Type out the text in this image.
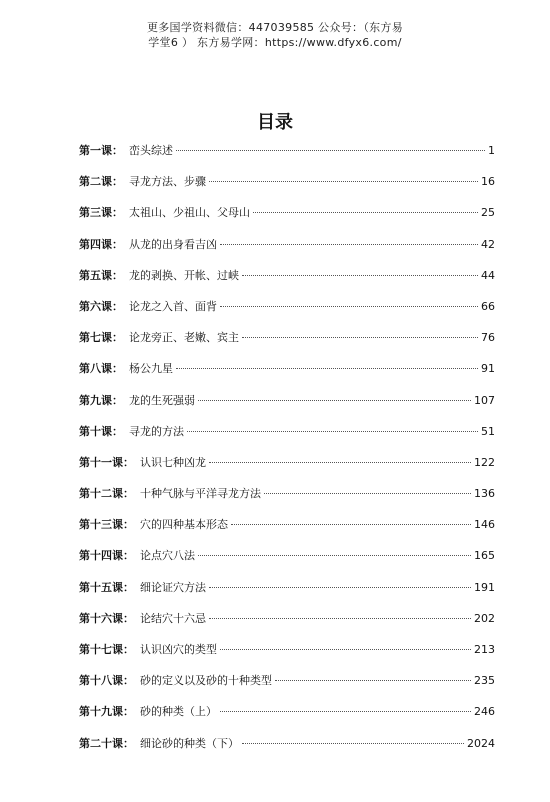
更多国学资料微信：447039585 公众号：（东方易
学堂6 ） 东方易学网：https://www.dfyx6.com/
目录
第一课： 峦头综述	1
第二课： 寻龙方法、步骤	16
第三课： 太祖山、少祖山、父母山	25
第四课： 从龙的出身看吉凶	42
第五课： 龙的剥换、开帐、过峡	44
第六课： 论龙之入首、面背	66
第七课： 论龙旁正、老嫩、宾主	76
第八课： 杨公九星	91
第九课： 龙的生死强弱	107
第十课： 寻龙的方法	51
第十一课： 认识七种凶龙	122
第十二课： 十种气脉与平洋寻龙方法	136
第十三课： 穴的四种基本形态	146
第十四课： 论点穴八法	165
第十五课： 细论证穴方法	191
第十六课： 论结穴十六忌	202
第十七课： 认识凶穴的类型	213
第十八课： 砂的定义以及砂的十种类型	235
第十九课： 砂的种类（上）	246
第二十课： 细论砂的种类（下）	2024
